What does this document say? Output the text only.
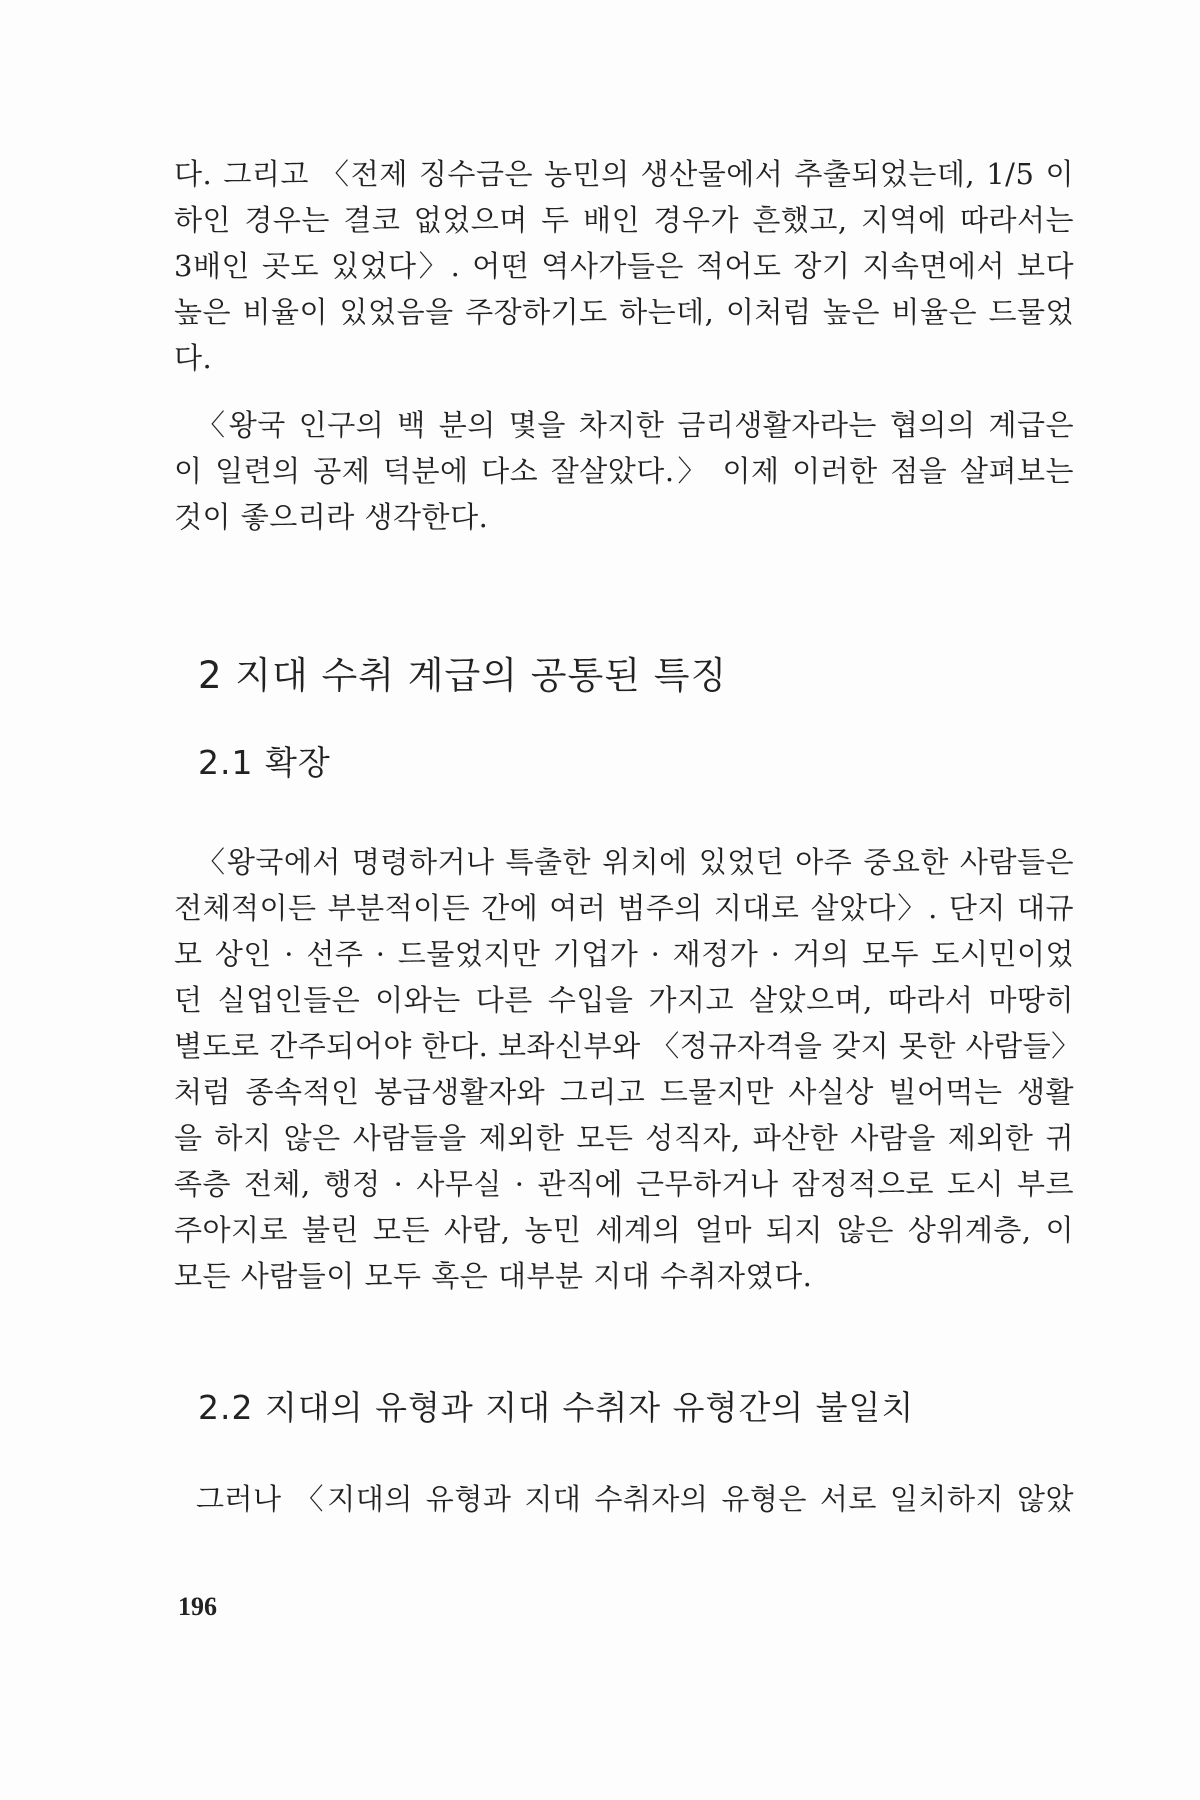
다. 그리고 〈전제 징수금은 농민의 생산물에서 추출되었는데, 1/5 이
하인 경우는 결코 없었으며 두 배인 경우가 흔했고, 지역에 따라서는
3배인 곳도 있었다〉. 어떤 역사가들은 적어도 장기 지속면에서 보다
높은 비율이 있었음을 주장하기도 하는데, 이처럼 높은 비율은 드물었
다.
〈왕국 인구의 백 분의 몇을 차지한 금리생활자라는 협의의 계급은
이 일련의 공제 덕분에 다소 잘살았다.〉 이제 이러한 점을 살펴보는
것이 좋으리라 생각한다.
2 지대 수취 계급의 공통된 특징
2.1 확장
〈왕국에서 명령하거나 특출한 위치에 있었던 아주 중요한 사람들은
전체적이든 부분적이든 간에 여러 범주의 지대로 살았다〉. 단지 대규
모 상인 · 선주 · 드물었지만 기업가 · 재정가 · 거의 모두 도시민이었
던 실업인들은 이와는 다른 수입을 가지고 살았으며, 따라서 마땅히
별도로 간주되어야 한다. 보좌신부와 〈정규자격을 갖지 못한 사람들〉
처럼 종속적인 봉급생활자와 그리고 드물지만 사실상 빌어먹는 생활
을 하지 않은 사람들을 제외한 모든 성직자, 파산한 사람을 제외한 귀
족층 전체, 행정 · 사무실 · 관직에 근무하거나 잠정적으로 도시 부르
주아지로 불린 모든 사람, 농민 세계의 얼마 되지 않은 상위계층, 이
모든 사람들이 모두 혹은 대부분 지대 수취자였다.
2.2 지대의 유형과 지대 수취자 유형간의 불일치
그러나 〈지대의 유형과 지대 수취자의 유형은 서로 일치하지 않았
196
